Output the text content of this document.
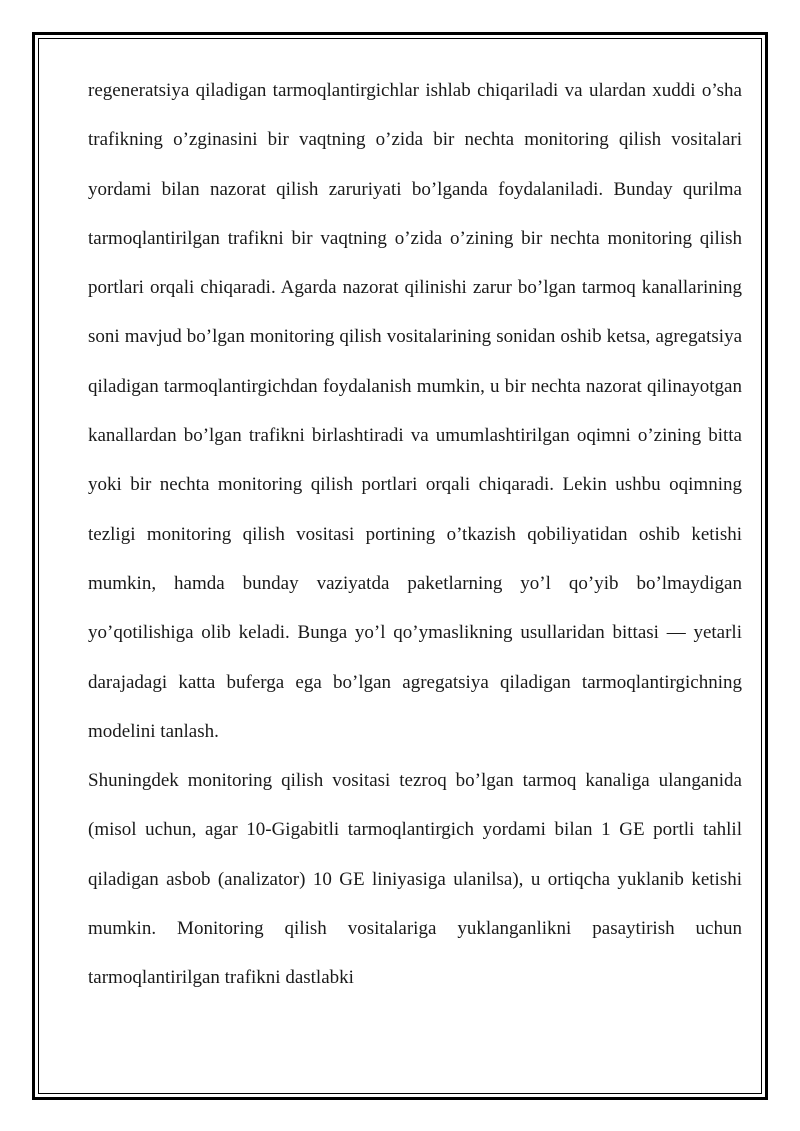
regeneratsiya qiladigan tarmoqlantirgichlar ishlab chiqariladi va ulardan xuddi o’sha trafikning o’zginasini bir vaqtning o’zida bir nechta monitoring qilish vositalari yordami bilan nazorat qilish zaruriyati bo’lganda foydalaniladi. Bunday qurilma tarmoqlantirilgan trafikni bir vaqtning o’zida o’zining bir nechta monitoring qilish portlari orqali chiqaradi. Agarda nazorat qilinishi zarur bo’lgan tarmoq kanallarining soni mavjud bo’lgan monitoring qilish vositalarining sonidan oshib ketsa, agregatsiya qiladigan tarmoqlantirgichdan foydalanish mumkin, u bir nechta nazorat qilinayotgan kanallardan bo’lgan trafikni birlashtiradi va umumlashtirilgan oqimni o’zining bitta yoki bir nechta monitoring qilish portlari orqali chiqaradi. Lekin ushbu oqimning tezligi monitoring qilish vositasi portining o’tkazish qobiliyatidan oshib ketishi mumkin, hamda bunday vaziyatda paketlarning yo’l qo’yib bo’lmaydigan yo’qotilishiga olib keladi. Bunga yo’l qo’ymaslikning usullaridan bittasi — yetarli darajadagi katta buferga ega bo’lgan agregatsiya qiladigan tarmoqlantirgichning modelini tanlash.

Shuningdek monitoring qilish vositasi tezroq bo’lgan tarmoq kanaliga ulanganida (misol uchun, agar 10-Gigabitli tarmoqlantirgich yordami bilan 1 GE portli tahlil qiladigan asbob (analizator) 10 GE liniyasiga ulanilsa), u ortiqcha yuklanib ketishi mumkin. Monitoring qilish vositalariga yuklanganlikni pasaytirish uchun tarmoqlantirilgan trafikni dastlabki
